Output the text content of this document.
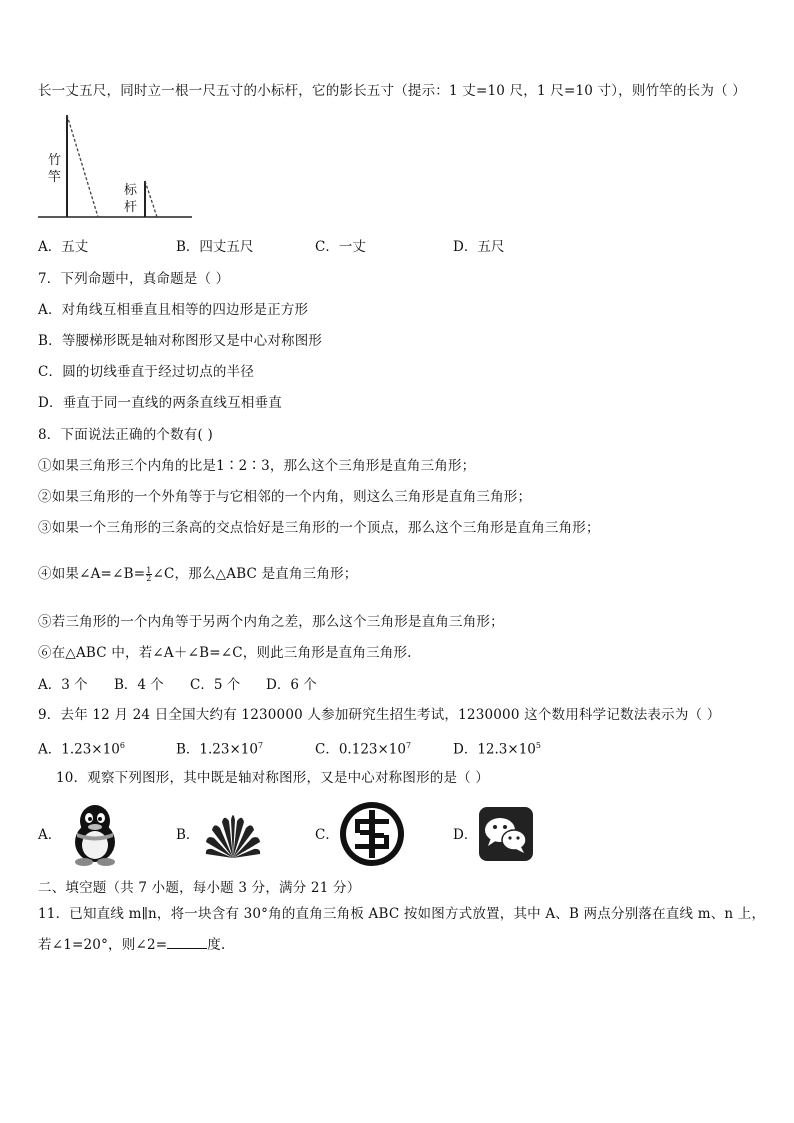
长一丈五尺，同时立一根一尺五寸的小标杆，它的影长五寸（提示：1 丈=10 尺，1 尺=10 寸），则竹竿的长为（ ）
竹
竿
标
杆
A．五丈	B．四丈五尺	C．一丈	D．五尺
7．下列命题中，真命题是（ ）
A．对角线互相垂直且相等的四边形是正方形
B．等腰梯形既是轴对称图形又是中心对称图形
C．圆的切线垂直于经过切点的半径
D．垂直于同一直线的两条直线互相垂直
8．下面说法正确的个数有( )
①如果三角形三个内角的比是1∶2∶3，那么这个三角形是直角三角形；
②如果三角形的一个外角等于与它相邻的一个内角，则这么三角形是直角三角形；
③如果一个三角形的三条高的交点恰好是三角形的一个顶点，那么这个三角形是直角三角形；
④如果∠A=∠B= $\frac{1}{2}$ ∠C，那么△ABC 是直角三角形；
⑤若三角形的一个内角等于另两个内角之差，那么这个三角形是直角三角形；
⑥在△ABC 中，若∠A＋∠B=∠C，则此三角形是直角三角形.
A．3 个 B．4 个 C．5 个 D．6 个
9．去年 12 月 24 日全国大约有 1230000 人参加研究生招生考试，1230000 这个数用科学记数法表示为（ ）
A．$1.23\times 10^6$	B．$1.23\times 10^7$	C．$0.123\times 10^7$	D．$12.3\times 10^5$
10．观察下列图形，其中既是轴对称图形，又是中心对称图形的是（ ）
A．	B．	C．	D．
二、填空题（共 7 小题，每小题 3 分，满分 21 分）
11．已知直线 m∥n，将一块含有 30°角的直角三角板 ABC 按如图方式放置，其中 A、B 两点分别落在直线 m、n 上，
若∠1=20°，则∠2=	度.
